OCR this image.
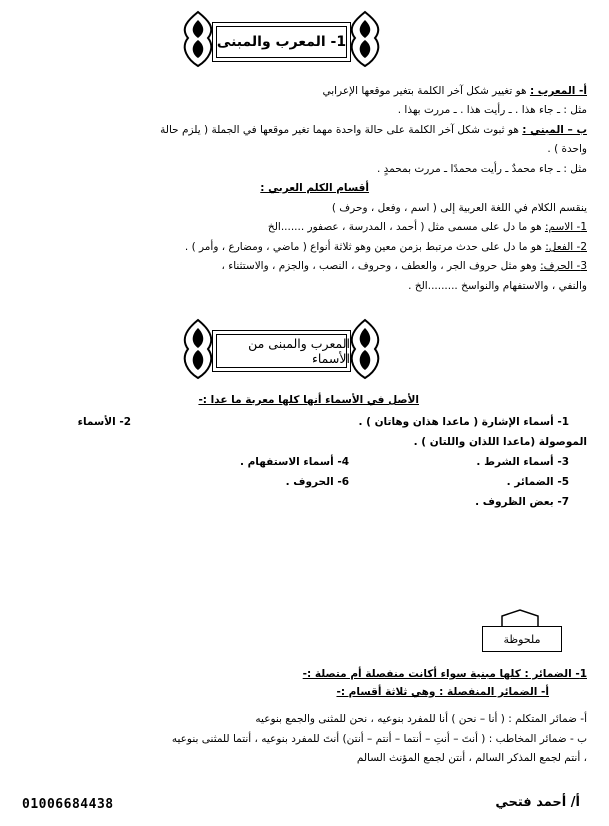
1- المعرب والمبنى
أ- المعرب : هو تغيير شكل آخر الكلمة بتغير موقعها الإعرابي
مثل : ـ جاء هذا . ـ رأيت هذا . ـ مررت بهذا .
ب – المبني : هو ثبوت شكل آخر الكلمة على حالة واحدة مهما تغير موقعها في الجملة ( يلزم حالة
واحدة ) .
مثل : ـ جاء محمدٌ ـ رأيت محمدًا ـ مررت بمحمدٍ .
أقسام الكلم العربي :
ينقسم الكلام في اللغة العربية إلى ( اسم ، وفعل ، وحرف )
1- الاسم: هو ما دل على مسمى مثل ( أحمد ، المدرسة ، عصفور .......الخ
2- الفعل: هو ما دل على حدث مرتبط بزمن معين وهو ثلاثة أنواع ( ماضي ، ومضارع ، وأمر ) .
3- الحرف: وهو مثل حروف الجر ، والعطف ، وحروف ، النصب ، والجزم ، والاستثناء ،
والنفي ، والاستفهام والنواسخ .........الخ .
المعرب والمبنى من الأسماء
الأصل في الأسماء أنها كلها معربة ما عدا :-
1- أسماء الإشارة ( ماعدا هذان وهاتان ) .
2- الأسماء
الموصولة (ماعدا اللذان واللتان ) .
3- أسماء الشرط .
4- أسماء الاستفهام .
5- الضمائر .
6- الحروف .
7- بعض الظروف .
ملحوظة
1- الضمائر : كلها مبنية سواء أكانت منفصلة أم متصلة :-
أ- الضمائر المنفصلة : وهي ثلاثة أقسام :-
أ- ضمائر المتكلم : ( أنا – نحن ) أنا للمفرد بنوعيه ، نحن للمثنى والجمع بنوعيه
ب - ضمائر المخاطب : ( أنتَ – أنتِ – أنتما – أنتم – أنتن) أنتَ للمفرد بنوعيه ، أنتما للمثنى بنوعيه
، أنتم لجمع المذكر السالم ، أنتن لجمع المؤنث السالم
01006684438	أ/ أحمد فتحي
